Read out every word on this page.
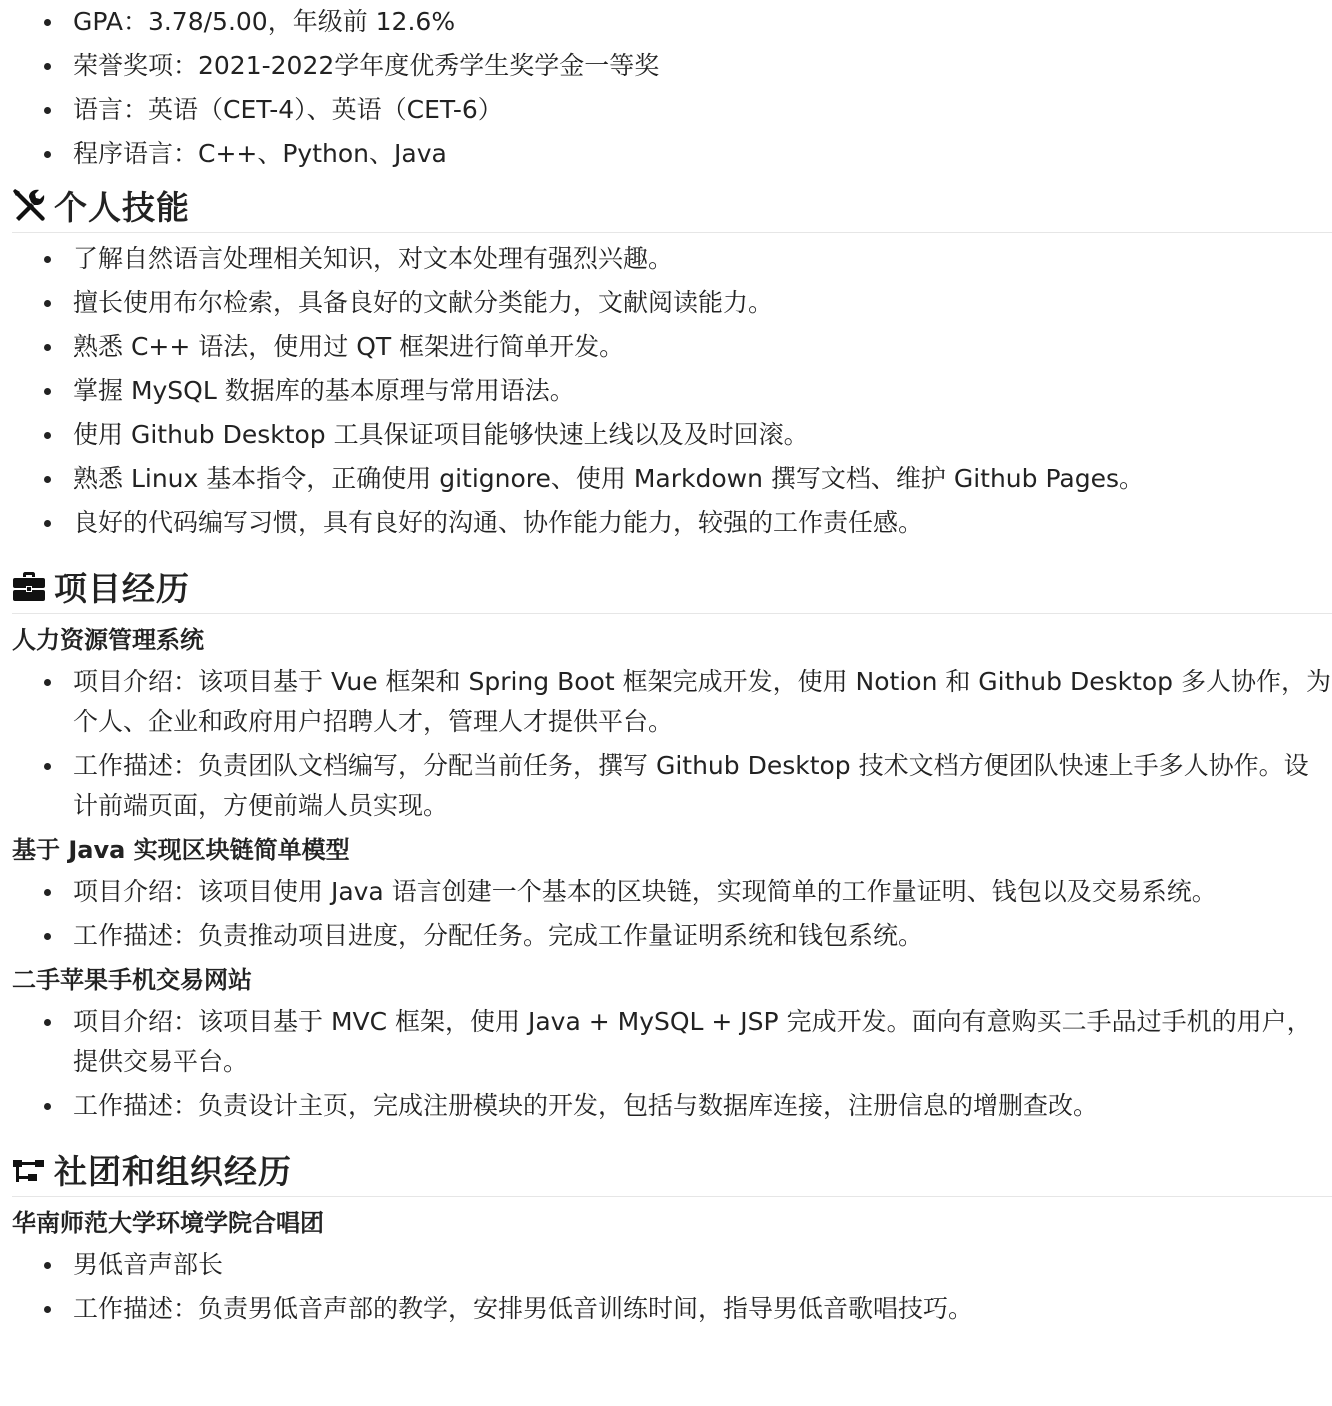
GPA：3.78/5.00，年级前 12.6%
荣誉奖项：2021-2022学年度优秀学生奖学金一等奖
语言：英语（CET-4）、英语（CET-6）
程序语言：C++、Python、Java
个人技能
了解自然语言处理相关知识，对文本处理有强烈兴趣。
擅长使用布尔检索，具备良好的文献分类能力，文献阅读能力。
熟悉 C++ 语法，使用过 QT 框架进行简单开发。
掌握 MySQL 数据库的基本原理与常用语法。
使用 Github Desktop 工具保证项目能够快速上线以及及时回滚。
熟悉 Linux 基本指令，正确使用 gitignore、使用 Markdown 撰写文档、维护 Github Pages。
良好的代码编写习惯，具有良好的沟通、协作能力能力，较强的工作责任感。
项目经历
人力资源管理系统
项目介绍：该项目基于 Vue 框架和 Spring Boot 框架完成开发，使用 Notion 和 Github Desktop 多人协作，为个人、企业和政府用户招聘人才，管理人才提供平台。
工作描述：负责团队文档编写，分配当前任务，撰写 Github Desktop 技术文档方便团队快速上手多人协作。设计前端页面，方便前端人员实现。
基于 Java 实现区块链简单模型
项目介绍：该项目使用 Java 语言创建一个基本的区块链，实现简单的工作量证明、钱包以及交易系统。
工作描述：负责推动项目进度，分配任务。完成工作量证明系统和钱包系统。
二手苹果手机交易网站
项目介绍：该项目基于 MVC 框架，使用 Java + MySQL + JSP 完成开发。面向有意购买二手品过手机的用户，提供交易平台。
工作描述：负责设计主页，完成注册模块的开发，包括与数据库连接，注册信息的增删查改。
社团和组织经历
华南师范大学环境学院合唱团
男低音声部长
工作描述：负责男低音声部的教学，安排男低音训练时间，指导男低音歌唱技巧。
